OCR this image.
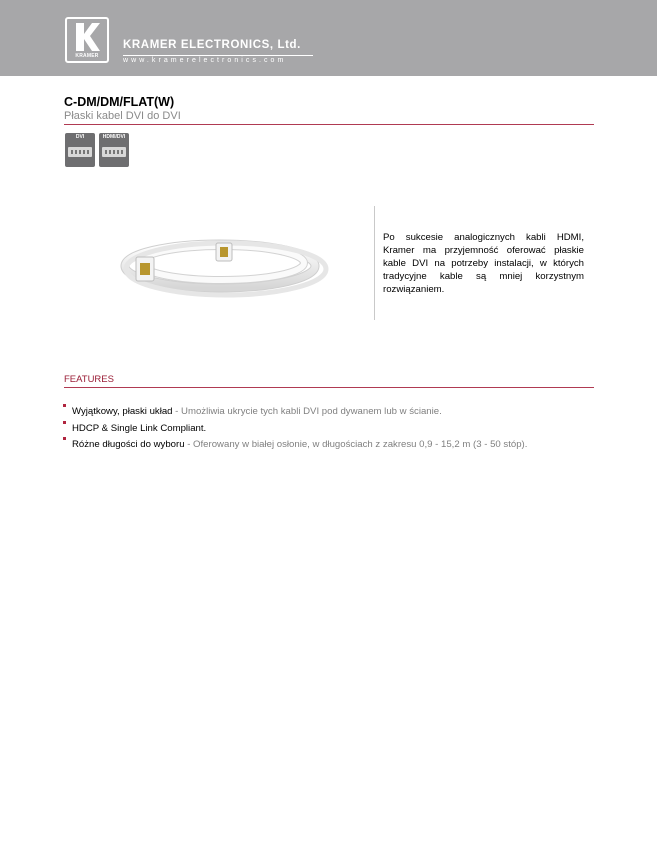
KRAMER
KRAMER ELECTRONICS, Ltd.
www.kramerelectronics.com
C-DM/DM/FLAT(W)
Płaski kabel DVI do DVI
DVI	HDMI/DVI
Po sukcesie analogicznych kabli HDMI, Kramer ma przyjemność oferować płaskie kable DVI na potrzeby instalacji, w których tradycyjne kable są mniej korzystnym rozwiązaniem.
FEATURES
Wyjątkowy, płaski układ - Umożliwia ukrycie tych kabli DVI pod dywanem lub w ścianie.
HDCP & Single Link Compliant.
Różne długości do wyboru - Oferowany w białej osłonie, w długościach z zakresu 0,9 - 15,2 m (3 - 50 stóp).
